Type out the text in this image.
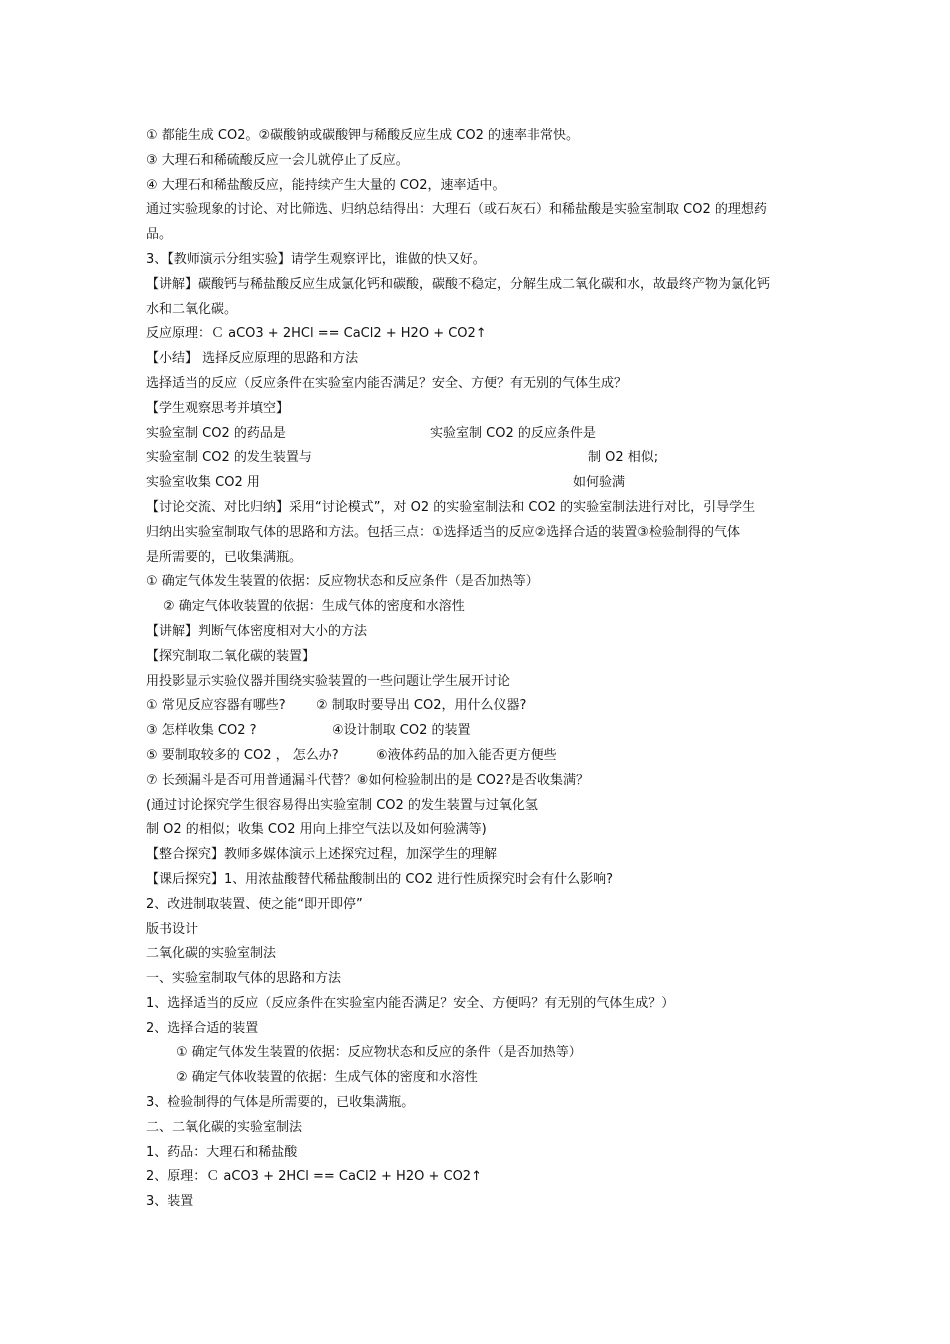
① 都能生成 CO2。②碳酸钠或碳酸钾与稀酸反应生成 CO2 的速率非常快。
③ 大理石和稀硫酸反应一会儿就停止了反应。
④ 大理石和稀盐酸反应，能持续产生大量的 CO2，速率适中。
通过实验现象的讨论、对比筛选、归纳总结得出：大理石（或石灰石）和稀盐酸是实验室制取 CO2 的理想药
品。
3、【教师演示分组实验】请学生观察评比，谁做的快又好。
【讲解】碳酸钙与稀盐酸反应生成氯化钙和碳酸，碳酸不稳定，分解生成二氧化碳和水，故最终产物为氯化钙
水和二氧化碳。
反应原理：Ｃ aCO3 + 2HCl == CaCl2 + H2O + CO2↑
【小结】 选择反应原理的思路和方法
选择适当的反应（反应条件在实验室内能否满足？安全、方便？有无别的气体生成？
【学生观察思考并填空】
实验室制 CO2 的药品是	实验室制 CO2 的反应条件是
实验室制 CO2 的发生装置与	制 O2 相似;
实验室收集 CO2 用	如何验满
【讨论交流、对比归纳】采用“讨论模式”，对 O2 的实验室制法和 CO2 的实验室制法进行对比，引导学生
归纳出实验室制取气体的思路和方法。包括三点：①选择适当的反应②选择合适的装置③检验制得的气体
是所需要的，已收集满瓶。
① 确定气体发生装置的依据：反应物状态和反应条件（是否加热等）
② 确定气体收装置的依据：生成气体的密度和水溶性
【讲解】判断气体密度相对大小的方法
【探究制取二氧化碳的装置】
用投影显示实验仪器并围绕实验装置的一些问题让学生展开讨论
① 常见反应容器有哪些? ② 制取时要导出 CO2，用什么仪器?
③ 怎样收集 CO2 ?	④设计制取 CO2 的装置
⑤ 要制取较多的 CO2 ， 怎么办?	⑥液体药品的加入能否更方便些
⑦ 长颈漏斗是否可用普通漏斗代替？⑧如何检验制出的是 CO2?是否收集满？
(通过讨论探究学生很容易得出实验室制 CO2 的发生装置与过氧化氢
制 O2 的相似；收集 CO2 用向上排空气法以及如何验满等)
【整合探究】教师多媒体演示上述探究过程，加深学生的理解
【课后探究】1、用浓盐酸替代稀盐酸制出的 CO2 进行性质探究时会有什么影响?
2、改进制取装置、使之能“即开即停”
版书设计
二氧化碳的实验室制法
一、实验室制取气体的思路和方法
1、选择适当的反应（反应条件在实验室内能否满足？安全、方便吗？有无别的气体生成？）
2、选择合适的装置
① 确定气体发生装置的依据：反应物状态和反应的条件（是否加热等）
② 确定气体收装置的依据：生成气体的密度和水溶性
3、检验制得的气体是所需要的，已收集满瓶。
二、二氧化碳的实验室制法
1、药品：大理石和稀盐酸
2、原理：Ｃ aCO3 + 2HCl == CaCl2 + H2O + CO2↑
3、装置
